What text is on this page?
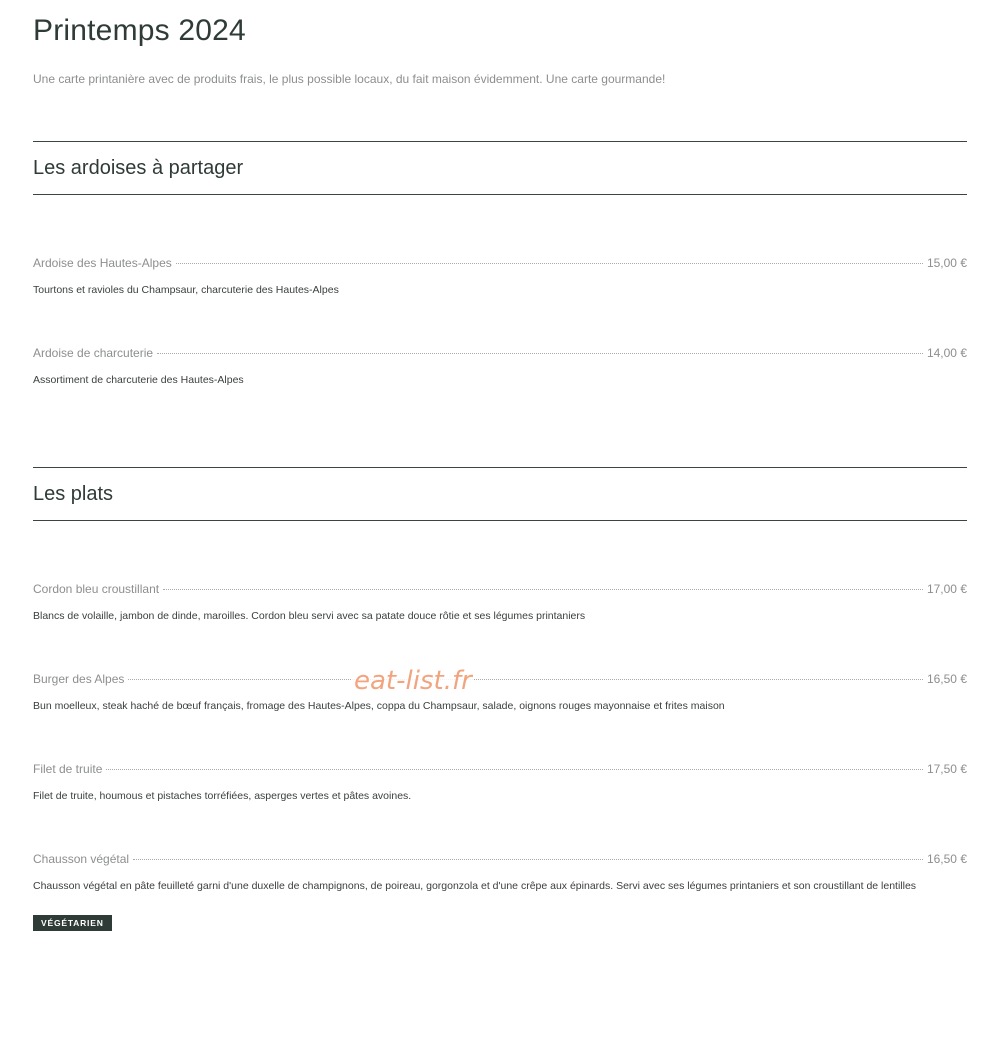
Printemps 2024

Une carte printanière avec de produits frais, le plus possible locaux, du fait maison évidemment. Une carte gourmande!

Les ardoises à partager
Ardoise des Hautes-Alpes	15,00 €

Tourtons et ravioles du Champsaur, charcuterie des Hautes-Alpes

Ardoise de charcuterie	14,00 €

Assortiment de charcuterie des Hautes-Alpes

Les plats
Cordon bleu croustillant	17,00 €

Blancs de volaille, jambon de dinde, maroilles. Cordon bleu servi avec sa patate douce rôtie et ses légumes printaniers

Burger des Alpes	16,50 €

Bun moelleux, steak haché de bœuf français, fromage des Hautes-Alpes, coppa du Champsaur, salade, oignons rouges mayonnaise et frites maison

Filet de truite	17,50 €

Filet de truite, houmous et pistaches torréfiées, asperges vertes et pâtes avoines.

Chausson végétal	16,50 €

Chausson végétal en pâte feuilleté garni d'une duxelle de champignons, de poireau, gorgonzola et d'une crêpe aux épinards. Servi avec ses légumes printaniers et son croustillant de lentilles

VÉGÉTARIEN
eat-list.fr
